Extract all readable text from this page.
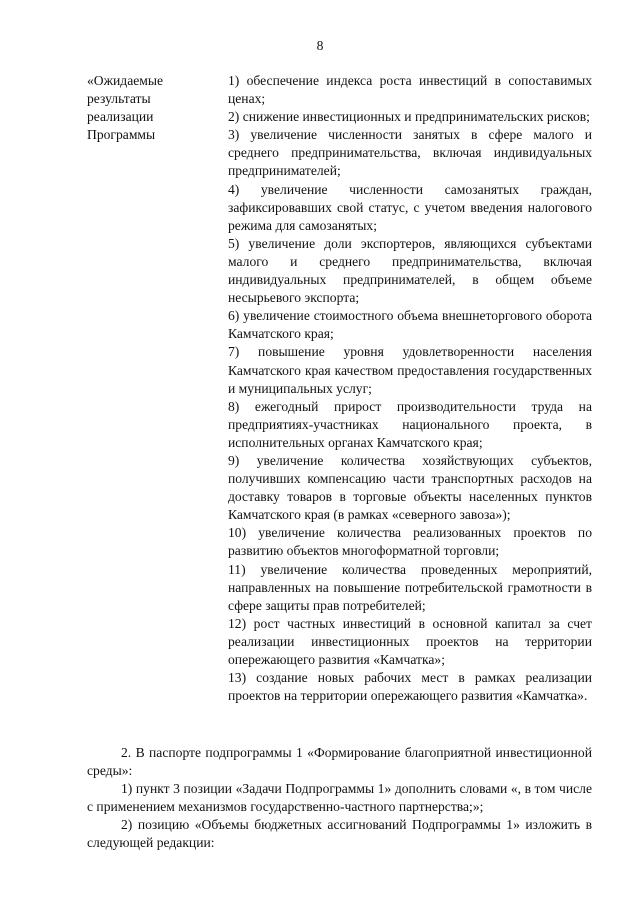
8
«Ожидаемые
результаты
реализации
Программы

1) обеспечение индекса роста инвестиций в сопоставимых ценах;

2) снижение инвестиционных и предпринимательских рисков;

3) увеличение численности занятых в сфере малого и среднего предпринимательства, включая индивидуальных предпринимателей;

4) увеличение численности самозанятых граждан, зафиксировавших свой статус, с учетом введения налогового режима для самозанятых;

5) увеличение доли экспортеров, являющихся субъектами малого и среднего предпринимательства, включая индивидуальных предпринимателей, в общем объеме несырьевого экспорта;

6) увеличение стоимостного объема внешнеторгового оборота Камчатского края;

7) повышение уровня удовлетворенности населения Камчатского края качеством предоставления государственных и муниципальных услуг;

8) ежегодный прирост производительности труда на предприятиях-участниках национального проекта, в исполнительных органах Камчатского края;

9) увеличение количества хозяйствующих субъектов, получивших компенсацию части транспортных расходов на доставку товаров в торговые объекты населенных пунктов Камчатского края (в рамках «северного завоза»);

10) увеличение количества реализованных проектов по развитию объектов многоформатной торговли;

11) увеличение количества проведенных мероприятий, направленных на повышение потребительской грамотности в сфере защиты прав потребителей;

12) рост частных инвестиций в основной капитал за счет реализации инвестиционных проектов на территории опережающего развития «Камчатка»;

13) создание новых рабочих мест в рамках реализации проектов на территории опережающего развития «Камчатка».

2. В паспорте подпрограммы 1 «Формирование благоприятной инвестиционной среды»:

1) пункт 3 позиции «Задачи Подпрограммы 1» дополнить словами «, в том числе с применением механизмов государственно-частного партнерства;»;

2) позицию «Объемы бюджетных ассигнований Подпрограммы 1» изложить в следующей редакции:
